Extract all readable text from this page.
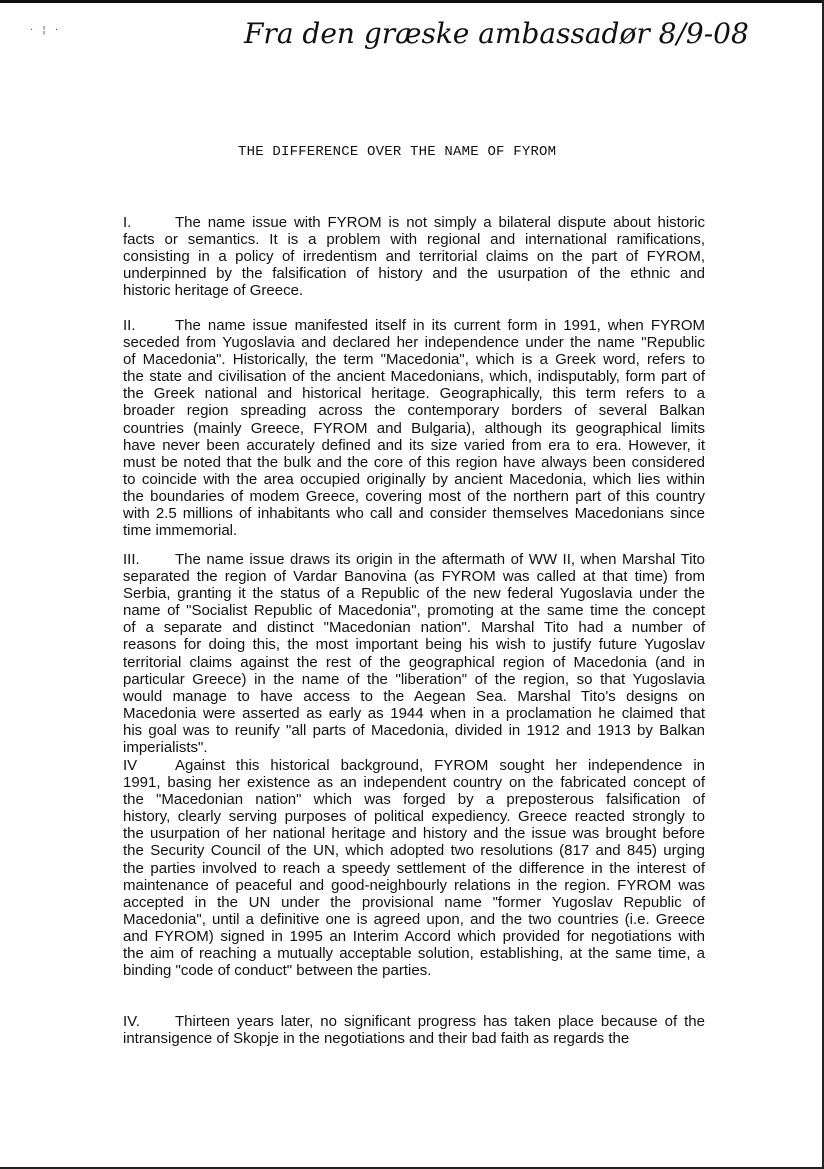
· ¦ ·	Fra den græske ambassadør 8/9-08
THE DIFFERENCE OVER THE NAME OF FYROM
I.	The name issue with FYROM is not simply a bilateral dispute about historic
facts or semantics. It is a problem with regional and international ramifications,
consisting in a policy of irredentism and territorial claims on the part of FYROM,
underpinned by the falsification of history and the usurpation of the ethnic and
historic heritage of Greece.
II.	The name issue manifested itself in its current form in 1991, when FYROM
seceded from Yugoslavia and declared her independence under the name "Republic
of Macedonia". Historically, the term "Macedonia", which is a Greek word, refers to
the state and civilisation of the ancient Macedonians, which, indisputably, form part of
the Greek national and historical heritage. Geographically, this term refers to a
broader region spreading across the contemporary borders of several Balkan
countries (mainly Greece, FYROM and Bulgaria), although its geographical limits
have never been accurately defined and its size varied from era to era. However, it
must be noted that the bulk and the core of this region have always been considered
to coincide with the area occupied originally by ancient Macedonia, which lies within
the boundaries of modem Greece, covering most of the northern part of this country
with 2.5 millions of inhabitants who call and consider themselves Macedonians since
time immemorial.
III.	The name issue draws its origin in the aftermath of WW II, when Marshal Tito
separated the region of Vardar Banovina (as FYROM was called at that time) from
Serbia, granting it the status of a Republic of the new federal Yugoslavia under the
name of "Socialist Republic of Macedonia", promoting at the same time the concept
of a separate and distinct "Macedonian nation". Marshal Tito had a number of
reasons for doing this, the most important being his wish to justify future Yugoslav
territorial claims against the rest of the geographical region of Macedonia (and in
particular Greece) in the name of the "liberation" of the region, so that Yugoslavia
would manage to have access to the Aegean Sea. Marshal Tito's designs on
Macedonia were asserted as early as 1944 when in a proclamation he claimed that
his goal was to reunify "all parts of Macedonia, divided in 1912 and 1913 by Balkan
imperialists".
IV	Against this historical background, FYROM sought her independence in
1991, basing her existence as an independent country on the fabricated concept of
the "Macedonian nation" which was forged by a preposterous falsification of
history, clearly serving purposes of political expediency. Greece reacted strongly to
the usurpation of her national heritage and history and the issue was brought before
the Security Council of the UN, which adopted two resolutions (817 and 845) urging
the parties involved to reach a speedy settlement of the difference in the interest of
maintenance of peaceful and good-neighbourly relations in the region. FYROM was
accepted in the UN under the provisional name "former Yugoslav Republic of
Macedonia", until a definitive one is agreed upon, and the two countries (i.e. Greece
and FYROM) signed in 1995 an Interim Accord which provided for negotiations with
the aim of reaching a mutually acceptable solution, establishing, at the same time, a
binding "code of conduct" between the parties.
IV.	Thirteen years later, no significant progress has taken place because of the
intransigence of Skopje in the negotiations and their bad faith as regards the
